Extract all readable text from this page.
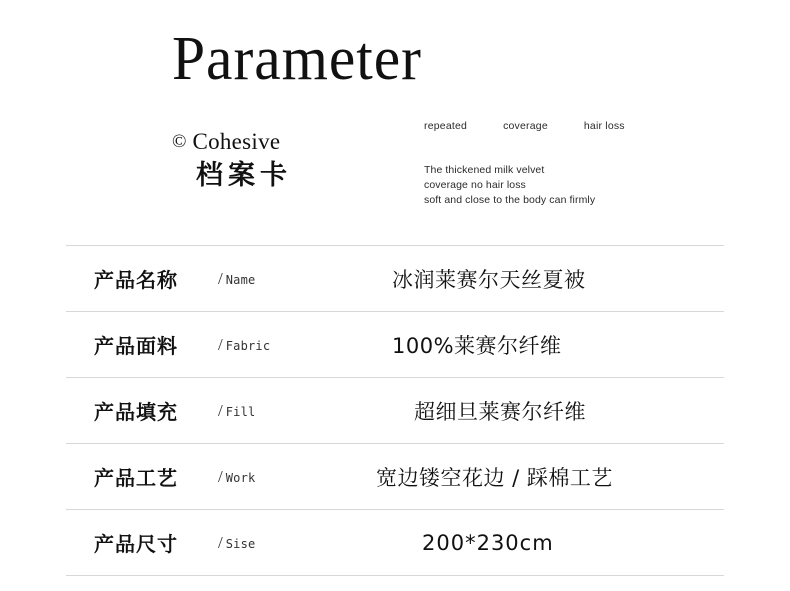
Parameter
© Cohesive
档案卡
repeated	coverage	hair loss
The thickened milk velvet
coverage no hair loss
soft and close to the body can firmly
产品名称	/ Name	冰润莱赛尔天丝夏被
产品面料	/ Fabric	100%莱赛尔纤维
产品填充	/ Fill	超细旦莱赛尔纤维
产品工艺	/ Work	宽边镂空花边 / 踩棉工艺
产品尺寸	/ Sise	200*230cm
